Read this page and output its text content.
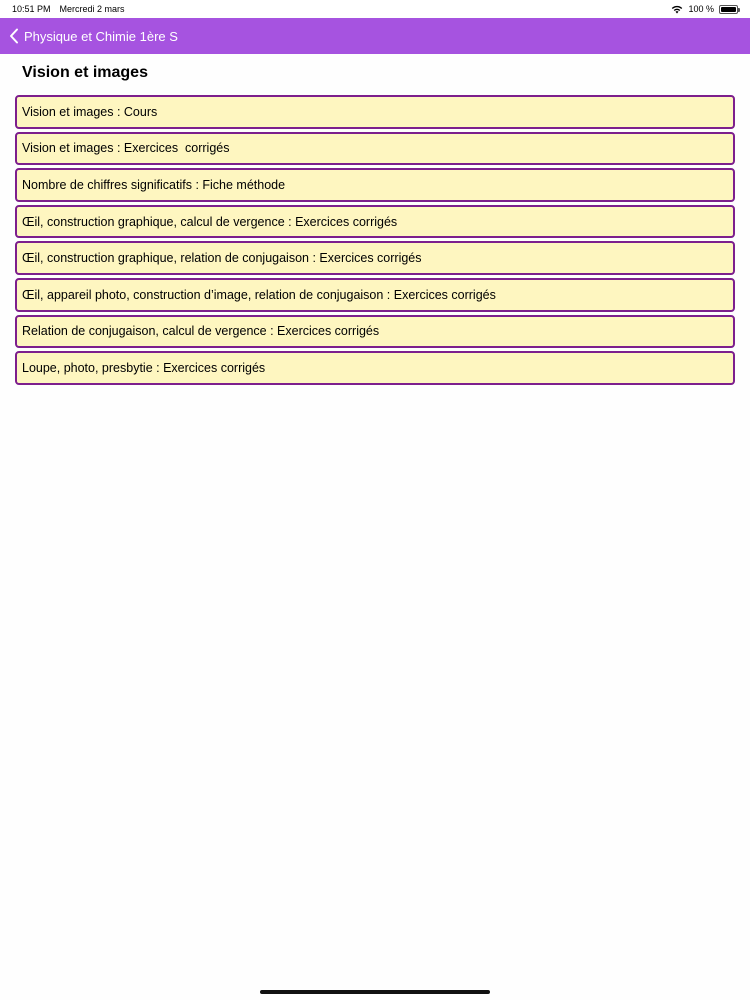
10:51 PM Mercredi 2 mars	100 %
Physique et Chimie 1ère S
Vision et images
Vision et images : Cours
Vision et images : Exercices  corrigés
Nombre de chiffres significatifs : Fiche méthode
Œil, construction graphique, calcul de vergence : Exercices corrigés
Œil, construction graphique, relation de conjugaison : Exercices corrigés
Œil, appareil photo, construction d’image, relation de conjugaison : Exercices corrigés
Relation de conjugaison, calcul de vergence : Exercices corrigés
Loupe, photo, presbytie : Exercices corrigés
